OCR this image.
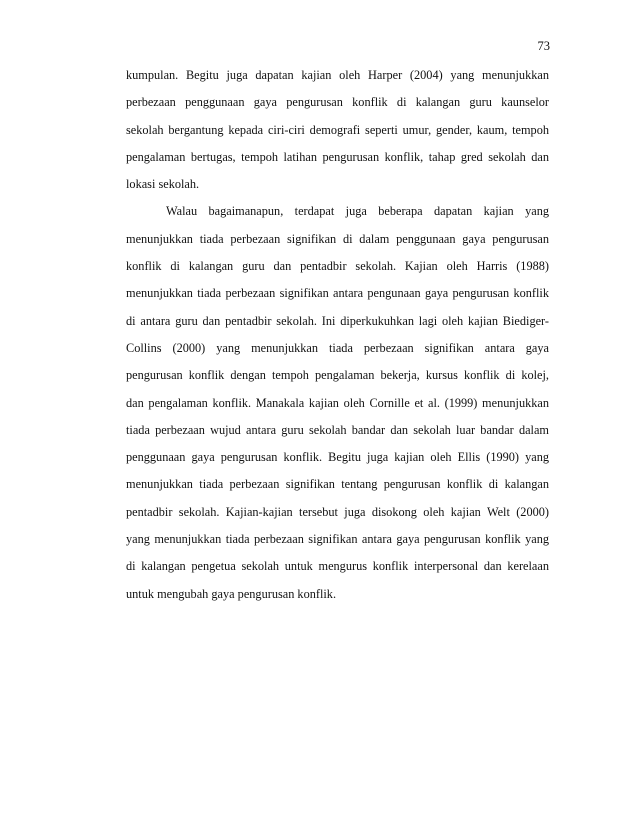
73
kumpulan. Begitu juga dapatan kajian oleh Harper (2004) yang menunjukkan
perbezaan penggunaan gaya pengurusan konflik di kalangan guru kaunselor
sekolah bergantung kepada ciri-ciri demografi seperti umur, gender, kaum, tempoh
pengalaman bertugas, tempoh latihan pengurusan konflik, tahap gred sekolah dan
lokasi sekolah.
Walau bagaimanapun, terdapat juga beberapa dapatan kajian yang
menunjukkan tiada perbezaan signifikan di dalam penggunaan gaya pengurusan
konflik di kalangan guru dan pentadbir sekolah. Kajian oleh Harris (1988)
menunjukkan tiada perbezaan signifikan antara pengunaan gaya pengurusan konflik
di antara guru dan pentadbir sekolah. Ini diperkukuhkan lagi oleh kajian Biediger-
Collins (2000) yang menunjukkan tiada perbezaan signifikan antara gaya
pengurusan konflik dengan tempoh pengalaman bekerja, kursus konflik di kolej,
dan pengalaman konflik. Manakala kajian oleh Cornille et al. (1999) menunjukkan
tiada perbezaan wujud antara guru sekolah bandar dan sekolah luar bandar dalam
penggunaan gaya pengurusan konflik. Begitu juga kajian oleh Ellis (1990) yang
menunjukkan tiada perbezaan signifikan tentang pengurusan konflik di kalangan
pentadbir sekolah. Kajian-kajian tersebut juga disokong oleh kajian Welt (2000)
yang menunjukkan tiada perbezaan signifikan antara gaya pengurusan konflik yang
di kalangan pengetua sekolah untuk mengurus konflik interpersonal dan kerelaan
untuk mengubah gaya pengurusan konflik.
